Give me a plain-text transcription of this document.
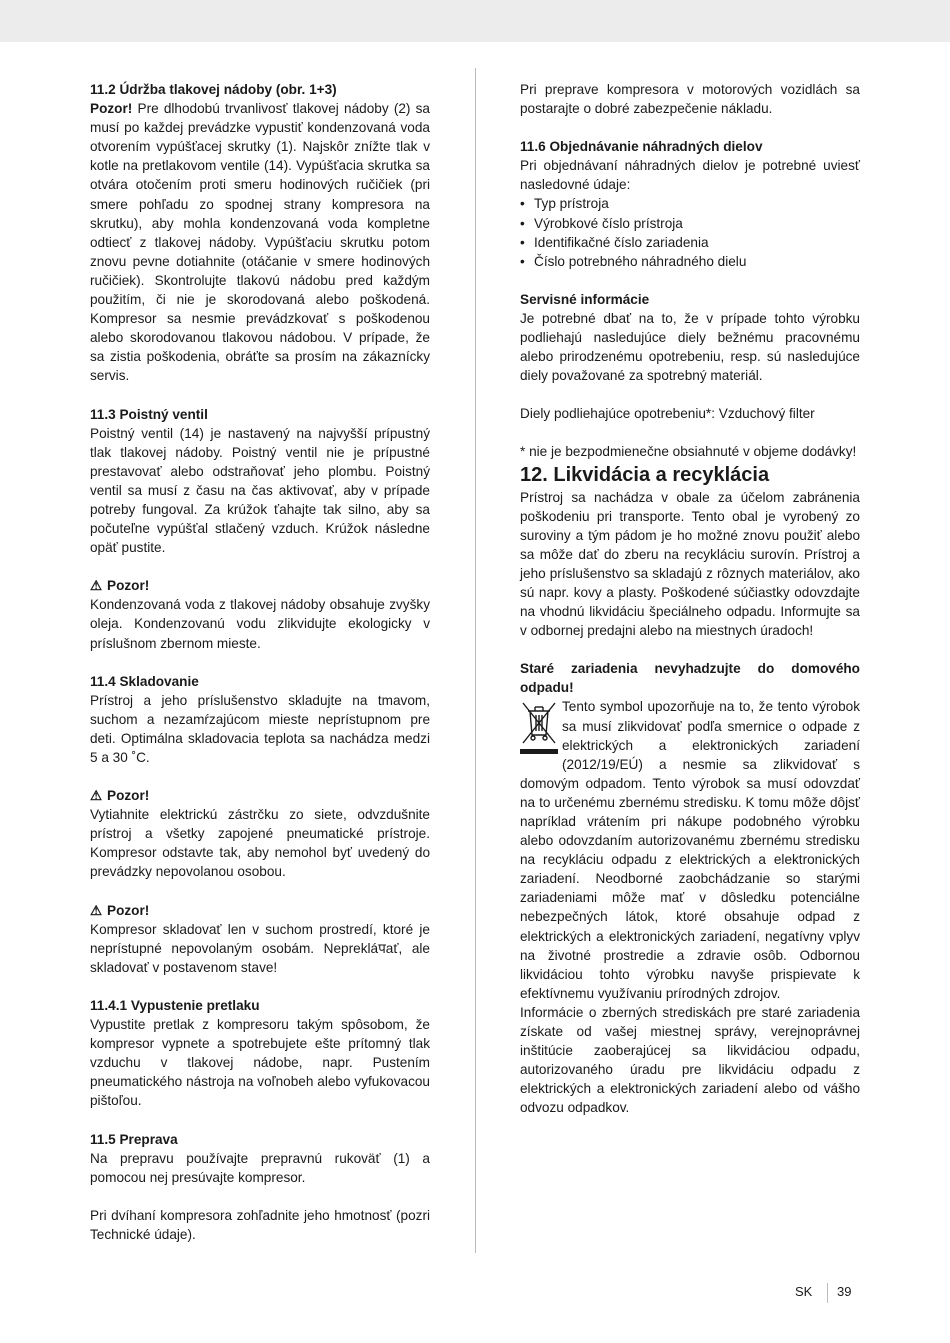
11.2 Údržba tlakovej nádoby (obr. 1+3)

Pozor! Pre dlhodobú trvanlivosť tlakovej nádoby (2) sa musí po každej prevádzke vypustiť kondenzovaná voda otvorením vypúšťacej skrutky (1). Najskôr znížte tlak v kotle na pretlakovom ventile (14). Vypúšťacia skrutka sa otvára otočením proti smeru hodinových ručičiek (pri smere pohľadu zo spodnej strany kompresora na skrutku), aby mohla kondenzovaná voda kompletne odtiecť z tlakovej nádoby. Vypúšťaciu skrutku potom znovu pevne dotiahnite (otáčanie v smere hodinových ručičiek). Skontrolujte tlakovú nádobu pred každým použitím, či nie je skorodovaná alebo poškodená. Kompresor sa nesmie prevádzkovať s poškodenou alebo skorodovanou tlakovou nádobou. V prípade, že sa zistia poškodenia, obráťte sa prosím na zákaznícky servis.

11.3 Poistný ventil

Poistný ventil (14) je nastavený na najvyšší prípustný tlak tlakovej nádoby. Poistný ventil nie je prípustné prestavovať alebo odstraňovať jeho plombu. Poistný ventil sa musí z času na čas aktivovať, aby v prípade potreby fungoval. Za krúžok ťahajte tak silno, aby sa počuteľne vypúšťal stlačený vzduch. Krúžok následne opäť pustite.

⚠ Pozor!

Kondenzovaná voda z tlakovej nádoby obsahuje zvyšky oleja. Kondenzovanú vodu zlikvidujte ekologicky v príslušnom zbernom mieste.

11.4 Skladovanie

Prístroj a jeho príslušenstvo skladujte na tmavom, suchom a nezamŕzajúcom mieste neprístupnom pre deti. Optimálna skladovacia teplota sa nachádza medzi 5 a 30 ˚C.

⚠ Pozor!

Vytiahnite elektrickú zástrčku zo siete, odvzdušnite prístroj a všetky zapojené pneumatické prístroje. Kompresor odstavte tak, aby nemohol byť uvedený do prevádzky nepovolanou osobou.

⚠ Pozor!

Kompresor skladovať len v suchom prostredí, ktoré je neprístupné nepovolaným osobám. Neprekláपať, ale skladovať v postavenom stave!

11.4.1 Vypustenie pretlaku

Vypustite pretlak z kompresoru takým spôsobom, že kompresor vypnete a spotrebujete ešte prítomný tlak vzduchu v tlakovej nádobe, napr. Pustením pneumatického nástroja na voľnobeh alebo vyfukovacou pištoľou.

11.5 Preprava

Na prepravu používajte prepravnú rukoväť (1) a pomocou nej presúvajte kompresor.

Pri dvíhaní kompresora zohľadnite jeho hmotnosť (pozri Technické údaje).

Pri preprave kompresora v motorových vozidlách sa postarajte o dobré zabezpečenie nákladu.

11.6 Objednávanie náhradných dielov

Pri objednávaní náhradných dielov je potrebné uviesť nasledovné údaje:

• Typ prístroja
• Výrobkové číslo prístroja
• Identifikačné číslo zariadenia
• Číslo potrebného náhradného dielu

Servisné informácie

Je potrebné dbať na to, že v prípade tohto výrobku podliehajú nasledujúce diely bežnému pracovnému alebo prirodzenému opotrebeniu, resp. sú nasledujúce diely považované za spotrebný materiál.

Diely podliehajúce opotrebeniu*: Vzduchový filter

* nie je bezpodmienečne obsiahnuté v objeme dodávky!

12. Likvidácia a recyklácia

Prístroj sa nachádza v obale za účelom zabránenia poškodeniu pri transporte. Tento obal je vyrobený zo suroviny a tým pádom je ho možné znovu použiť alebo sa môže dať do zberu na recykláciu surovín. Prístroj a jeho príslušenstvo sa skladajú z rôznych materiálov, ako sú napr. kovy a plasty. Poškodené súčiastky odovzdajte na vhodnú likvidáciu špeciálneho odpadu. Informujte sa v odbornej predajni alebo na miestnych úradoch!

Staré zariadenia nevyhadzujte do domového odpadu!

Tento symbol upozorňuje na to, že tento výrobok sa musí zlikvidovať podľa smernice o odpade z elektrických a elektronických zariadení (2012/19/EÚ) a nesmie sa zlikvidovať s domovým odpadom. Tento výrobok sa musí odovzdať na to určenému zbernému stredisku. K tomu môže dôjsť napríklad vrátením pri nákupe podobného výrobku alebo odovzdaním autorizovanému zbernému stredisku na recykláciu odpadu z elektrických a elektronických zariadení. Neodborné zaobchádzanie so starými zariadeniami môže mať v dôsledku potenciálne nebezpečných látok, ktoré obsahuje odpad z elektrických a elektronických zariadení, negatívny vplyv na životné prostredie a zdravie osôb. Odbornou likvidáciou tohto výrobku navyše prispievate k efektívnemu využívaniu prírodných zdrojov.

Informácie o zberných strediskách pre staré zariadenia získate od vašej miestnej správy, verejnoprávnej inštitúcie zaoberajúcej sa likvidáciou odpadu, autorizovaného úradu pre likvidáciu odpadu z elektrických a elektronických zariadení alebo od vášho odvozu odpadkov.

SK 39
